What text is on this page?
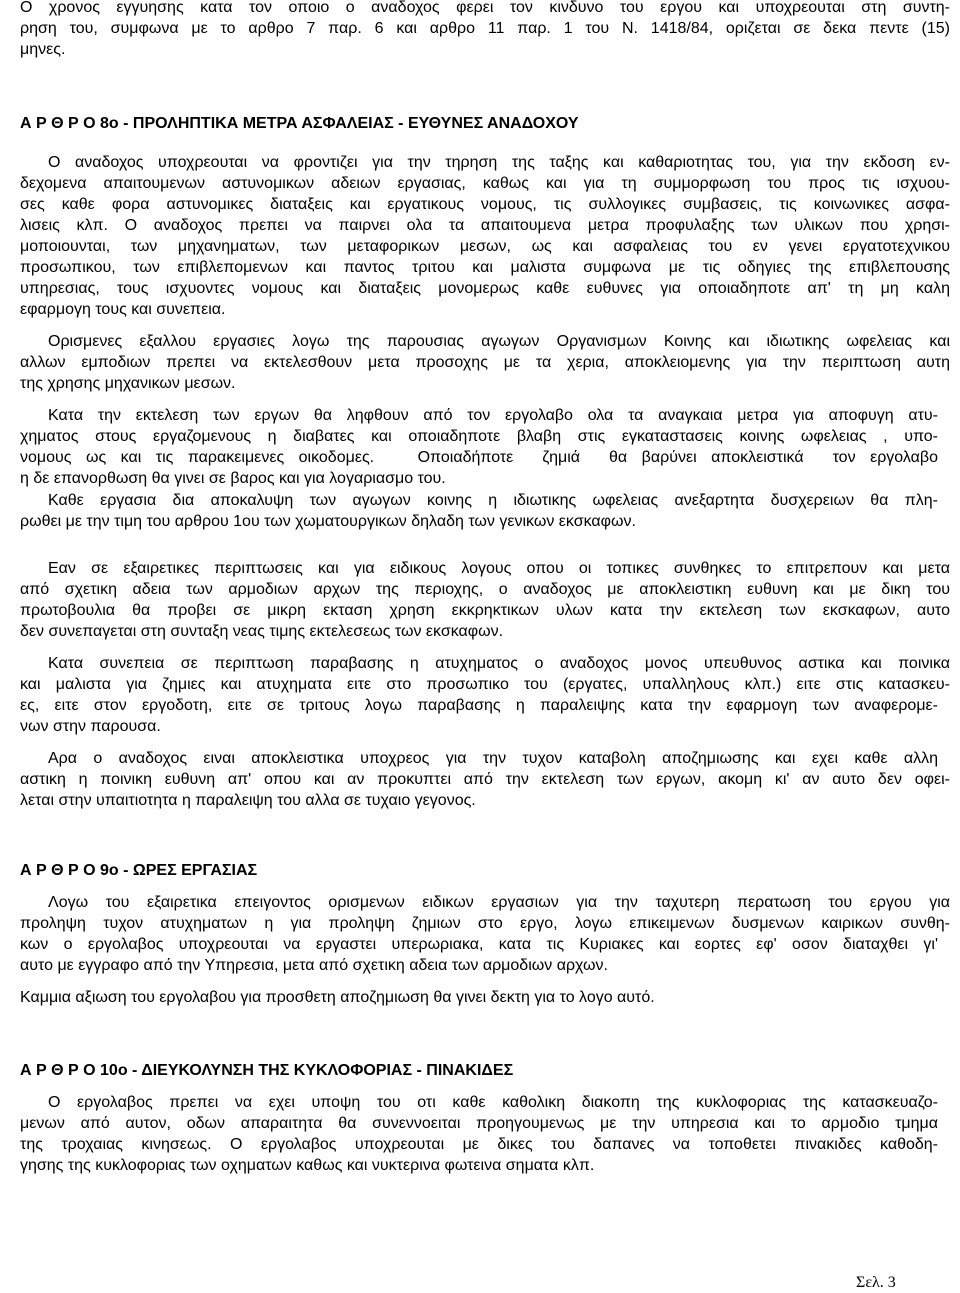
Ο χρονος εγγυησης κατα τον οποιο ο αναδοχος φερει τον κινδυνο του εργου και υποχρεουται στη συντη-
ρηση του, συμφωνα με το αρθρο 7 παρ. 6 και αρθρο 11 παρ. 1 του Ν. 1418/84, οριζεται σε δεκα πεντε (15)
μηνες.
Α Ρ Θ Ρ Ο 8ο - ΠΡΟΛΗΠΤΙΚΑ ΜΕΤΡΑ ΑΣΦΑΛΕΙΑΣ - ΕΥΘΥΝΕΣ ΑΝΑΔΟΧΟΥ
Ο αναδοχος υποχρεουται να φροντιζει για την τηρηση της ταξης και καθαριοτητας του, για την εκδοση εν-
δεχομενα απαιτουμενων αστυνομικων αδειων εργασιας, καθως και για τη συμμορφωση του προς τις ισχυου-
σες καθε φορα αστυνομικες διαταξεις και εργατικους νομους, τις συλλογικες συμβασεις, τις κοινωνικες ασφα-
λισεις κλπ. Ο αναδοχος πρεπει να παιρνει ολα τα απαιτουμενα μετρα προφυλαξης των υλικων που χρησι-
μοποιουνται, των μηχανηματων, των μεταφορικων μεσων, ως και ασφαλειας του εν γενει εργατοτεχνικου
προσωπικου, των επιβλεπομενων και παντος τριτου και μαλιστα συμφωνα με τις οδηγιες της επιβλεπουσης
υπηρεσιας, τους ισχυοντες νομους και διαταξεις μονομερως καθε ευθυνες για οποιαδηποτε απ' τη μη καλη
εφαρμογη τους και συνεπεια.
Ορισμενες εξαλλου εργασιες λογω της παρουσιας αγωγων Οργανισμων Κοινης και ιδιωτικης ωφελειας και
αλλων εμποδιων πρεπει να εκτελεσθουν μετα προσοχης με τα χερια, αποκλειομενης για την περιπτωση αυτη
της χρησης μηχανικων μεσων.
Κατα την εκτελεση των εργων θα ληφθουν από τον εργολαβο ολα τα αναγκαια μετρα για αποφυγη ατυ-
χηματος στους εργαζομενους η διαβατες και οποιαδηποτε βλαβη στις εγκαταστασεις κοινης ωφελειας , υπο-
νομους ως και τις παρακειμενες οικοδομες.   Οποιαδήποτε  ζημιά  θα βαρύνει αποκλειστικά  τον εργολαβο
η δε επανορθωση θα γινει σε βαρος και για λογαριασμο του.
Καθε εργασια δια αποκαλυψη των αγωγων κοινης η ιδιωτικης ωφελειας ανεξαρτητα δυσχερειων θα πλη-
ρωθει με την τιμη του αρθρου 1ου των χωματουργικων δηλαδη των γενικων εκσκαφων.
Εαν σε εξαιρετικες περιπτωσεις και για ειδικους λογους οπου οι τοπικες συνθηκες το επιτρεπουν και μετα
από σχετικη αδεια των αρμοδιων αρχων της περιοχης, ο αναδοχος με αποκλειστικη ευθυνη και με δικη του
πρωτοβουλια θα προβει σε μικρη εκταση χρηση εκκρηκτικων υλων κατα την εκτελεση των εκσκαφων, αυτο
δεν συνεπαγεται στη συνταξη νεας τιμης εκτελεσεως των εκσκαφων.
Κατα συνεπεια σε περιπτωση παραβασης η ατυχηματος ο αναδοχος μονος υπευθυνος αστικα και ποινικα
και μαλιστα για ζημιες και ατυχηματα ειτε στο προσωπικο του (εργατες, υπαλληλους κλπ.) ειτε στις κατασκευ-
ες, ειτε στον εργοδοτη, ειτε σε τριτους λογω παραβασης η παραλειψης κατα την εφαρμογη των αναφερομε-
νων στην παρουσα.
Αρα ο αναδοχος ειναι αποκλειστικα υποχρεος για την τυχον καταβολη αποζημιωσης και εχει καθε αλλη
αστικη η ποινικη ευθυνη απ' οπου και αν προκυπτει από την εκτελεση των εργων, ακομη κι' αν αυτο δεν οφει-
λεται στην υπαιτιοτητα η παραλειψη του αλλα σε τυχαιο γεγονος.
Α Ρ Θ Ρ Ο 9ο - ΩΡΕΣ ΕΡΓΑΣΙΑΣ
Λογω του εξαιρετικα επειγοντος ορισμενων ειδικων εργασιων για την ταχυτερη περατωση του εργου για
προληψη τυχον ατυχηματων η για προληψη ζημιων στο εργο, λογω επικειμενων δυσμενων καιρικων συνθη-
κων ο εργολαβος υποχρεουται να εργαστει υπερωριακα, κατα τις Κυριακες και εορτες εφ' οσον διαταχθει γι'
αυτο με εγγραφο από την Υπηρεσια, μετα από σχετικη αδεια των αρμοδιων αρχων.
Καμμια αξιωση του εργολαβου για προσθετη αποζημιωση θα γινει δεκτη για το λογο αυτό.
Α Ρ Θ Ρ Ο 10ο - ΔΙΕΥΚΟΛΥΝΣΗ ΤΗΣ ΚΥΚΛΟΦΟΡΙΑΣ - ΠΙΝΑΚΙΔΕΣ
Ο εργολαβος πρεπει να εχει υποψη του οτι καθε καθολικη διακοπη της κυκλοφοριας της κατασκευαζο-
μενων από αυτον, οδων απαραιτητα θα συνεννοειται προηγουμενως με την υπηρεσια και το αρμοδιο τμημα
της τροχαιας κινησεως. Ο εργολαβος υποχρεουται με δικες του δαπανες να τοποθετει πινακιδες καθοδη-
γησης της κυκλοφοριας των οχηματων καθως και νυκτερινα φωτεινα σηματα κλπ.
Σελ. 3
